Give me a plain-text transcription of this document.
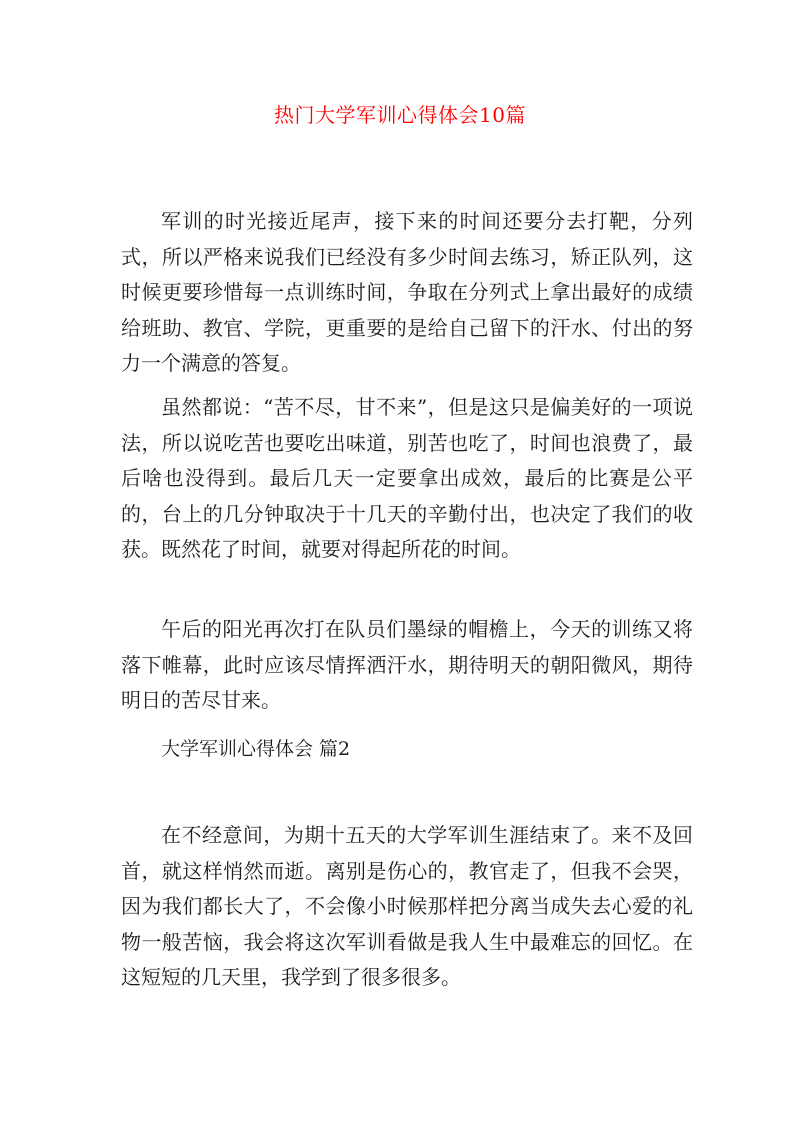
热门大学军训心得体会10篇

军训的时光接近尾声，接下来的时间还要分去打靶，分列式，所以严格来说我们已经没有多少时间去练习，矫正队列，这时候更要珍惜每一点训练时间，争取在分列式上拿出最好的成绩给班助、教官、学院，更重要的是给自己留下的汗水、付出的努力一个满意的答复。

虽然都说：“苦不尽，甘不来”，但是这只是偏美好的一项说法，所以说吃苦也要吃出味道，别苦也吃了，时间也浪费了，最后啥也没得到。最后几天一定要拿出成效，最后的比赛是公平的，台上的几分钟取决于十几天的辛勤付出，也决定了我们的收获。既然花了时间，就要对得起所花的时间。

午后的阳光再次打在队员们墨绿的帽檐上，今天的训练又将落下帷幕，此时应该尽情挥洒汗水，期待明天的朝阳微风，期待明日的苦尽甘来。

大学军训心得体会 篇2

在不经意间，为期十五天的大学军训生涯结束了。来不及回首，就这样悄然而逝。离别是伤心的，教官走了，但我不会哭，因为我们都长大了，不会像小时候那样把分离当成失去心爱的礼物一般苦恼，我会将这次军训看做是我人生中最难忘的回忆。在这短短的几天里，我学到了很多很多。
